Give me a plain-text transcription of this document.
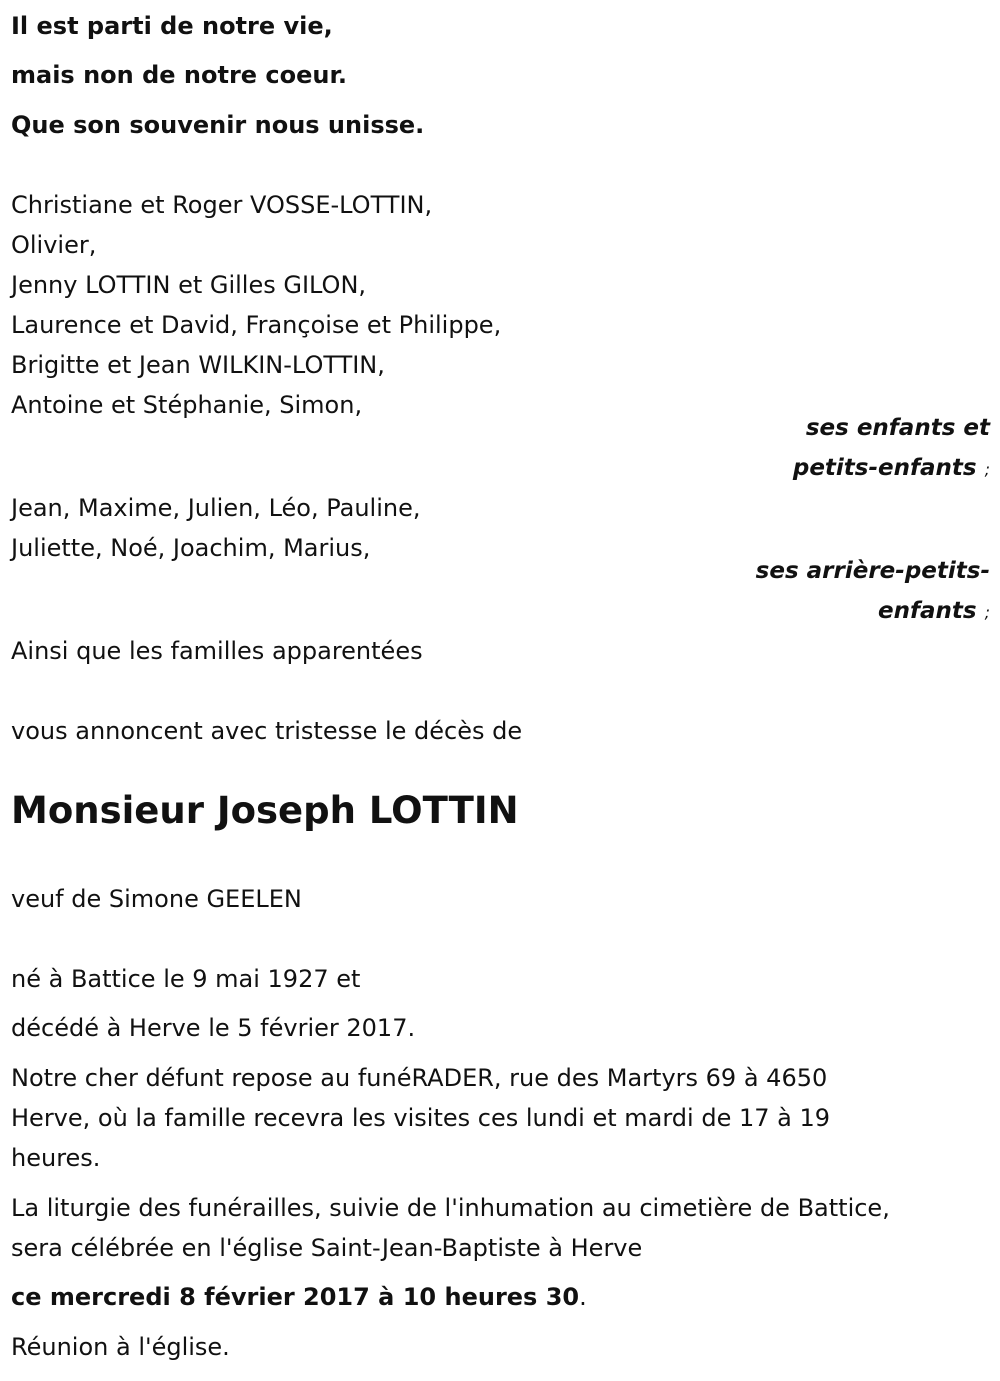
Il est parti de notre vie,
mais non de notre coeur.
Que son souvenir nous unisse.
Christiane et Roger VOSSE-LOTTIN,
Olivier,
Jenny LOTTIN et Gilles GILON,
Laurence et David, Françoise et Philippe,
Brigitte et Jean WILKIN-LOTTIN,
Antoine et Stéphanie, Simon,
ses enfants et
petits-enfants ;
Jean, Maxime, Julien, Léo, Pauline,
Juliette, Noé, Joachim, Marius,
ses arrière-petits-
enfants ;
Ainsi que les familles apparentées
vous annoncent avec tristesse le décès de
Monsieur Joseph LOTTIN
veuf de Simone GEELEN
né à Battice le 9 mai 1927 et
décédé à Herve le 5 février 2017.
Notre cher défunt repose au funéRADER, rue des Martyrs 69 à 4650
Herve, où la famille recevra les visites ces lundi et mardi de 17 à 19
heures.
La liturgie des funérailles, suivie de l'inhumation au cimetière de Battice,
sera célébrée en l'église Saint-Jean-Baptiste à Herve
ce mercredi 8 février 2017 à 10 heures 30.
Réunion à l'église.
